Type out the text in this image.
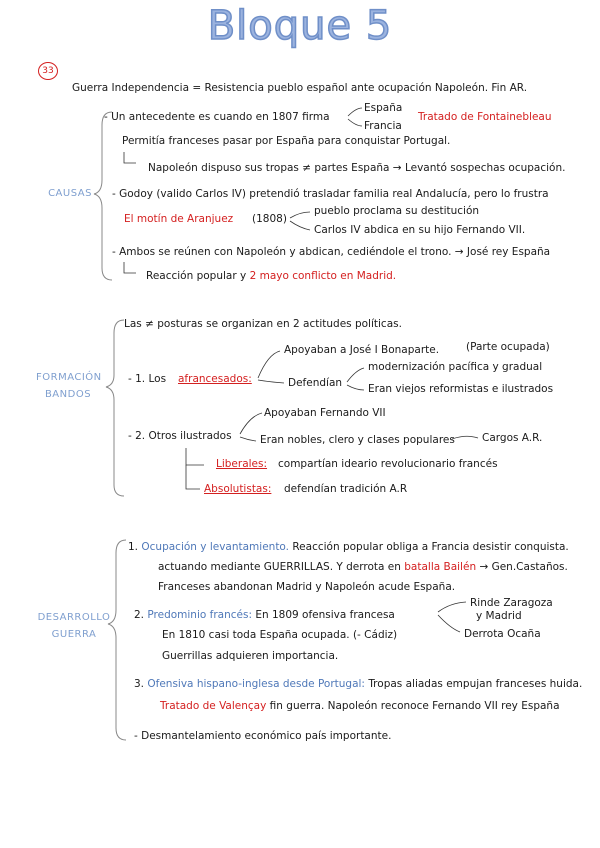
Bloque 5
33
Guerra Independencia = Resistencia pueblo español ante ocupación Napoleón. Fin AR.
CAUSAS
- Un antecedente es cuando en 1807 firma
España
Francia
Tratado de Fontainebleau
Permitía franceses pasar por España para conquistar Portugal.
Napoleón dispuso sus tropas ≠ partes España → Levantó sospechas ocupación.
- Godoy (valido Carlos IV) pretendió trasladar familia real Andalucía, pero lo frustra
El motín de Aranjuez (1808)
pueblo proclama su destitución
Carlos IV abdica en su hijo Fernando VII.
- Ambos se reúnen con Napoleón y abdican, cediéndole el trono. → José rey España
Reacción popular y 2 mayo conflicto en Madrid.
FORMACIÓN
BANDOS
Las ≠ posturas se organizan en 2 actitudes políticas.
- 1. Los afrancesados:
Apoyaban a José I Bonaparte.	(Parte ocupada)
Defendían
modernización pacífica y gradual
Eran viejos reformistas e ilustrados
- 2. Otros ilustrados
Apoyaban Fernando VII
Eran nobles, clero y clases populares	Cargos A.R.
Liberales: compartían ideario revolucionario francés
Absolutistas: defendían tradición A.R
DESARROLLO
GUERRA
1. Ocupación y levantamiento. Reacción popular obliga a Francia desistir conquista.
actuando mediante GUERRILLAS. Y derrota en batalla Bailén → Gen.Castaños.
Franceses abandonan Madrid y Napoleón acude España.
2. Predominio francés: En 1809 ofensiva francesa
Rinde Zaragoza
y Madrid
Derrota Ocaña
En 1810 casi toda España ocupada. (- Cádiz)
Guerrillas adquieren importancia.
3. Ofensiva hispano-inglesa desde Portugal: Tropas aliadas empujan franceses huida.
Tratado de Valençay fin guerra. Napoleón reconoce Fernando VII rey España
- Desmantelamiento económico país importante.
